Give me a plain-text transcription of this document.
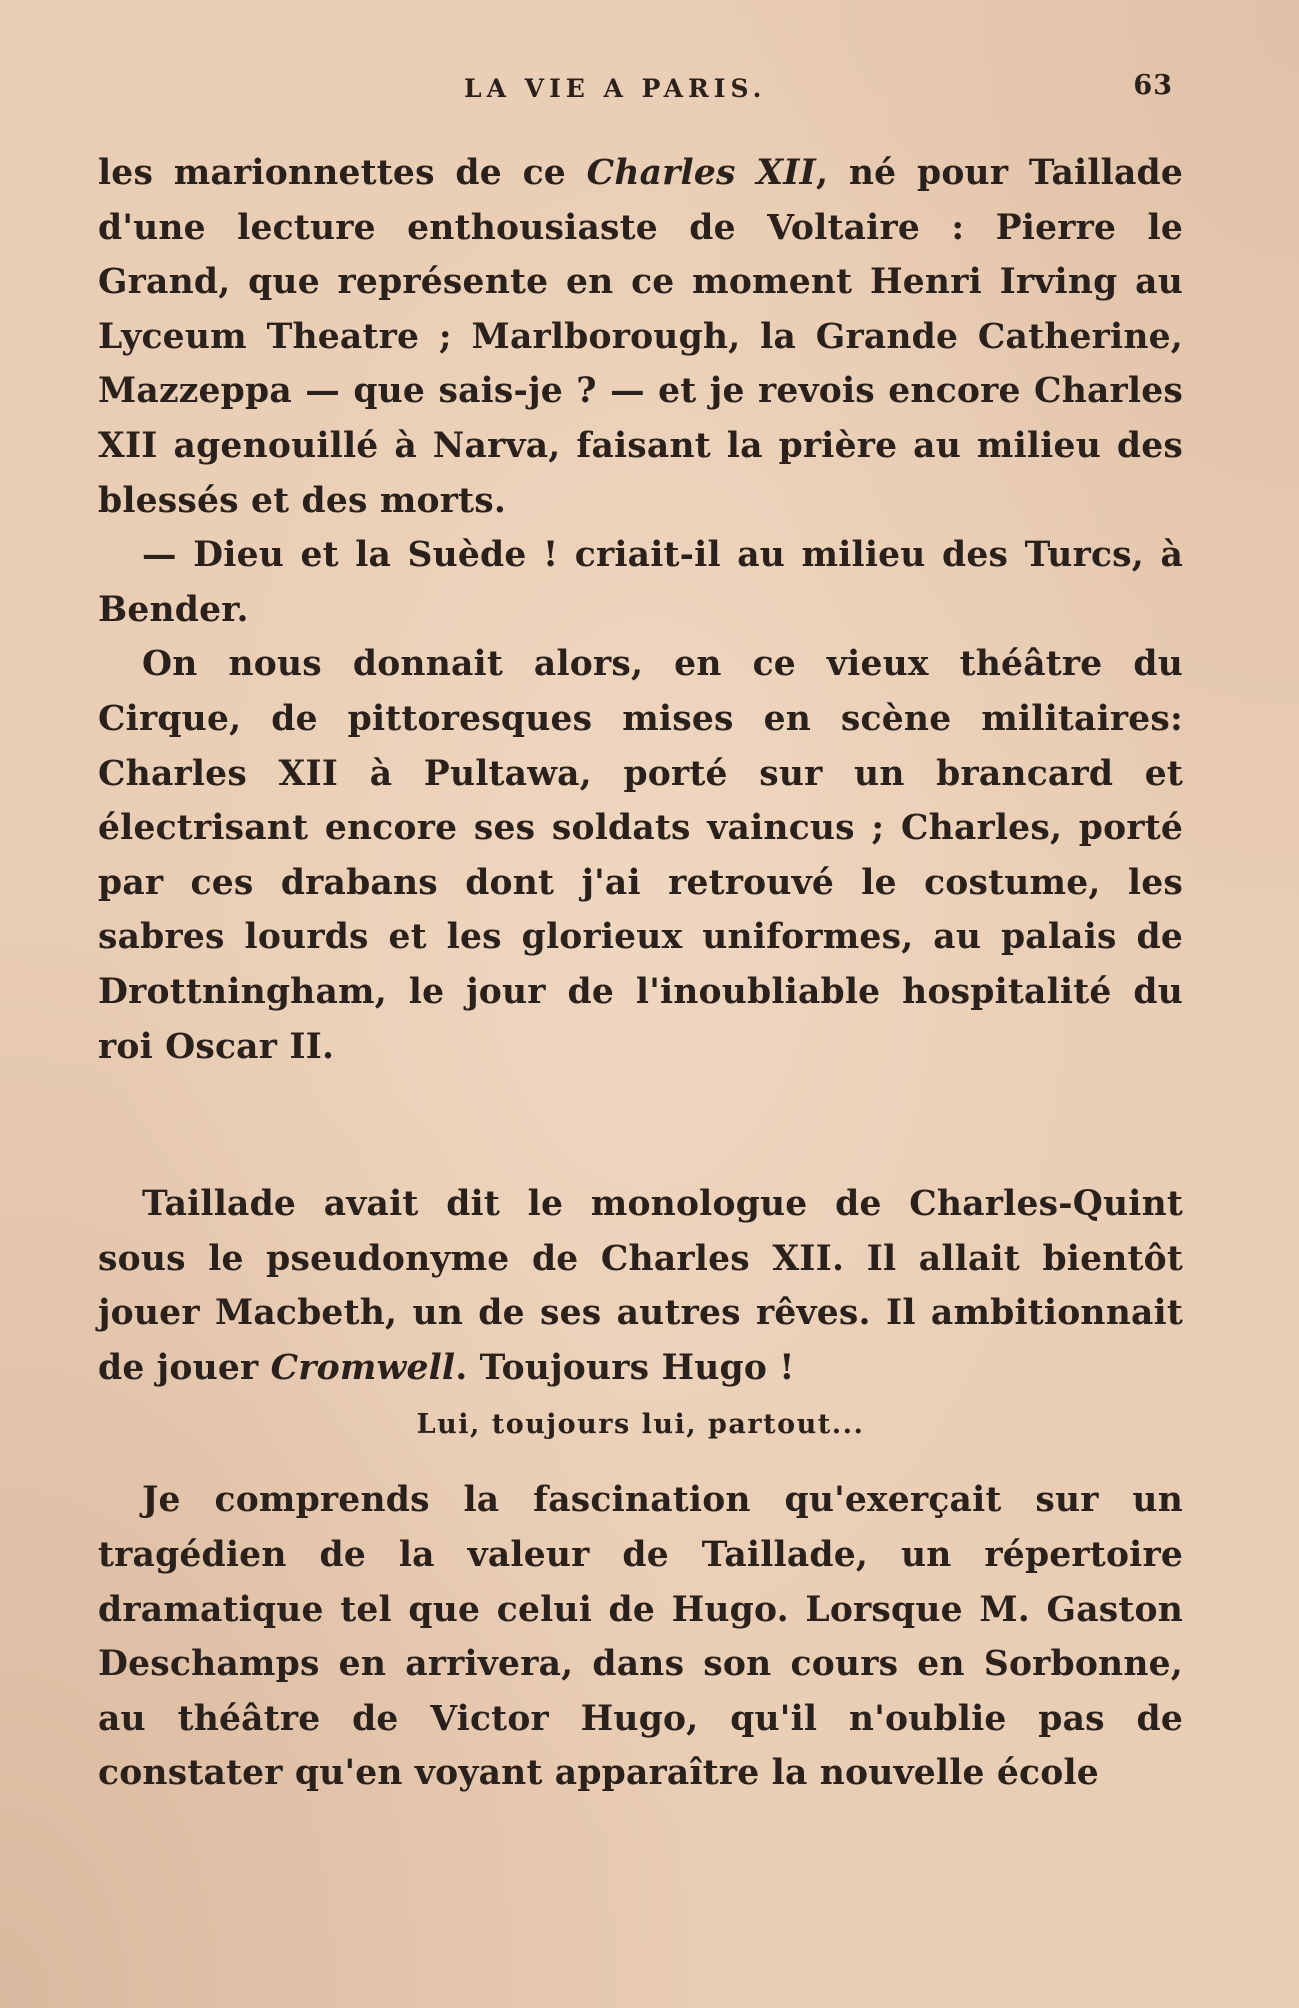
LA VIE A PARIS.	63

les marionnettes de ce Charles XII, né pour Taillade d'une lecture enthousiaste de Voltaire : Pierre le Grand, que représente en ce moment Henri Irving au Lyceum Theatre ; Marlborough, la Grande Catherine, Mazzeppa — que sais-je ? — et je revois encore Charles XII agenouillé à Narva, faisant la prière au milieu des blessés et des morts.

— Dieu et la Suède ! criait-il au milieu des Turcs, à Bender.

On nous donnait alors, en ce vieux théâtre du Cirque, de pittoresques mises en scène militaires: Charles XII à Pultawa, porté sur un brancard et électrisant encore ses soldats vaincus ; Charles, porté par ces drabans dont j'ai retrouvé le costume, les sabres lourds et les glorieux uniformes, au palais de Drottningham, le jour de l'inoubliable hospitalité du roi Oscar II.

Taillade avait dit le monologue de Charles-Quint sous le pseudonyme de Charles XII. Il allait bientôt jouer Macbeth, un de ses autres rêves. Il ambitionnait de jouer Cromwell. Toujours Hugo !

Lui, toujours lui, partout...

Je comprends la fascination qu'exerçait sur un tragédien de la valeur de Taillade, un répertoire dramatique tel que celui de Hugo. Lorsque M. Gaston Deschamps en arrivera, dans son cours en Sorbonne, au théâtre de Victor Hugo, qu'il n'oublie pas de constater qu'en voyant apparaître la nouvelle école
